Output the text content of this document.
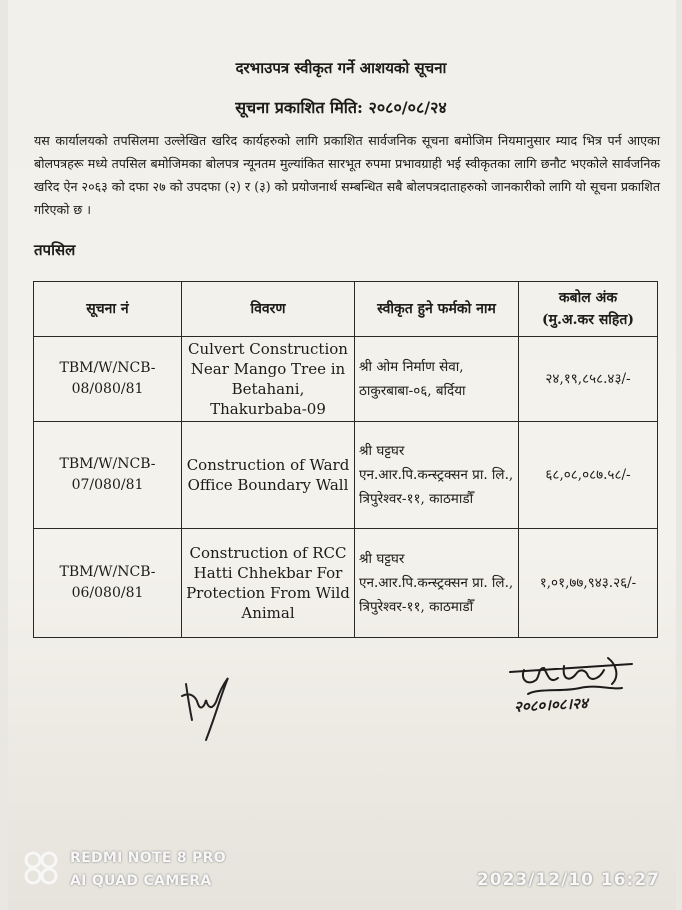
दरभाउपत्र स्वीकृत गर्ने आशयको सूचना
सूचना प्रकाशित मिति: २०८०/०८/२४
यस कार्यालयको तपसिलमा उल्लेखित खरिद कार्यहरुको लागि प्रकाशित सार्वजनिक सूचना बमोजिम नियमानुसार म्याद भित्र पर्न आएका बोलपत्रहरू मध्ये तपसिल बमोजिमका बोलपत्र न्यूनतम मुल्यांकित सारभूत रुपमा प्रभावग्राही भई स्वीकृतका लागि छनौट भएकोले सार्वजनिक खरिद ऐन २०६३ को दफा २७ को उपदफा (२) र (३) को प्रयोजनार्थ सम्बन्धित सबै बोलपत्रदाताहरुको जानकारीको लागि यो सूचना प्रकाशित गरिएको छ ।
तपसिल
सूचना नं	विवरण	स्वीकृत हुने फर्मको नाम	कबोल अंक
(मु.अ.कर सहित)

TBM/W/NCB-08/080/81	Culvert Construction Near Mango Tree in Betahani, Thakurbaba-09	श्री ओम निर्माण सेवा, ठाकुरबाबा-०६, बर्दिया	२४,१९,८५८.४३/-
TBM/W/NCB-07/080/81	Construction of Ward Office Boundary Wall	श्री घट्टघर एन.आर.पि.कन्स्ट्रक्सन प्रा. लि., त्रिपुरेश्वर-११, काठमाडौँ	६८,०८,०८७.५८/-
TBM/W/NCB-06/080/81	Construction of RCC Hatti Chhekbar For Protection From Wild Animal	श्री घट्टघर एन.आर.पि.कन्स्ट्रक्सन प्रा. लि., त्रिपुरेश्वर-११, काठमाडौँ	१,०१,७७,९४३.२६/-
२०८०।०८।२४
REDMI NOTE 8 PRO
AI QUAD CAMERA	2023/12/10 16:27
